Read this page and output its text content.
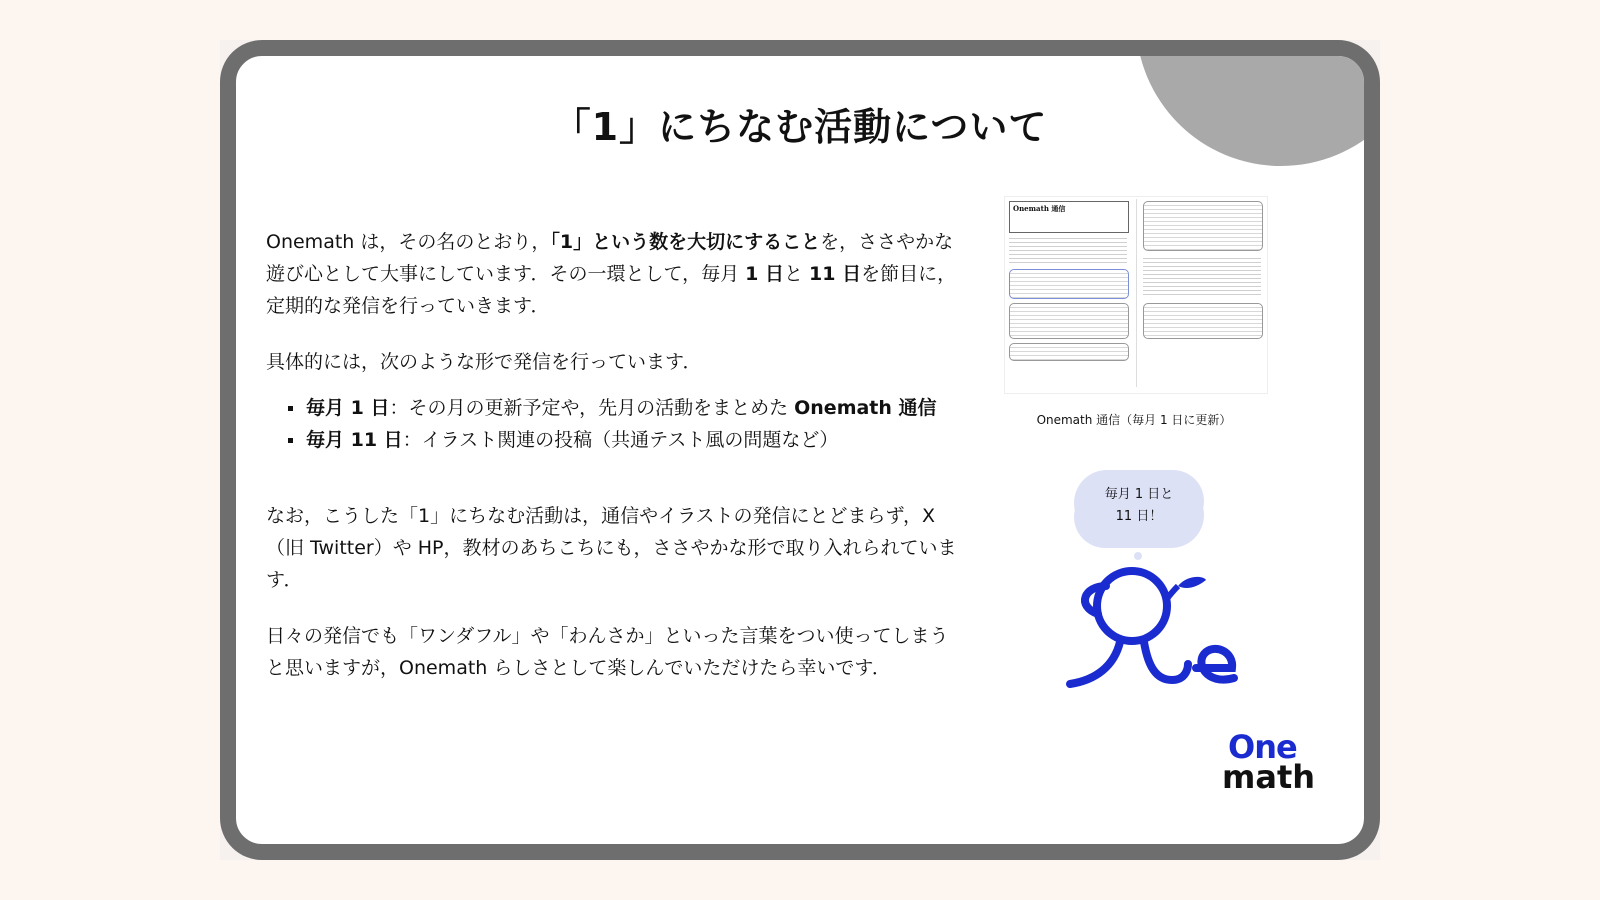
「1」にちなむ活動について

Onemath は，その名のとおり，「1」という数を大切にすることを，ささやかな遊び心として大事にしています．その一環として，毎月 1 日と 11 日を節目に，定期的な発信を行っていきます．

具体的には，次のような形で発信を行っています．

毎月 1 日：その月の更新予定や，先月の活動をまとめた Onemath 通信
毎月 11 日：イラスト関連の投稿（共通テスト風の問題など）

なお，こうした「1」にちなむ活動は，通信やイラストの発信にとどまらず，X（旧 Twitter）や HP，教材のあちこちにも，ささやかな形で取り入れられています．

日々の発信でも「ワンダフル」や「わんさか」といった言葉をつい使ってしまうと思いますが，Onemath らしさとして楽しんでいただけたら幸いです．

Onemath 通信
Onemath 通信（毎月 1 日に更新）
毎月 1 日と
11 日！
One
math
